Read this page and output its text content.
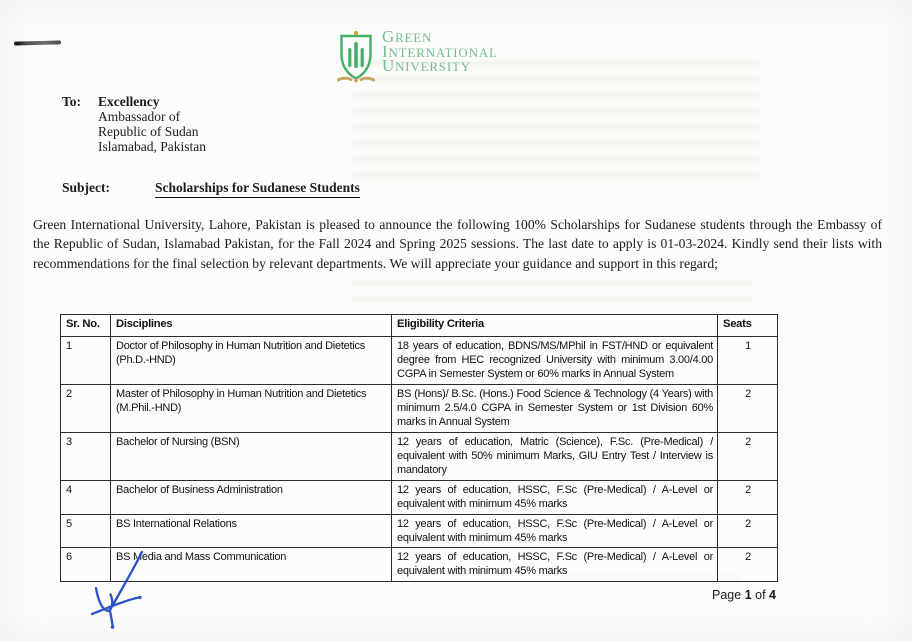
GREEN
INTERNATIONAL
UNIVERSITY
To: Excellency
Ambassador of
Republic of Sudan
Islamabad, Pakistan
Subject:	Scholarships for Sudanese Students
Green International University, Lahore, Pakistan is pleased to announce the following 100% Scholarships for Sudanese students through the Embassy of the Republic of Sudan, Islamabad Pakistan, for the Fall 2024 and Spring 2025 sessions. The last date to apply is 01-03-2024. Kindly send their lists with recommendations for the final selection by relevant departments. We will appreciate your guidance and support in this regard;
Sr. No.	Disciplines	Eligibility Criteria	Seats
1	Doctor of Philosophy in Human Nutrition and Dietetics (Ph.D.-HND)	18 years of education, BDNS/MS/MPhil in FST/HND or equivalent degree from HEC recognized University with minimum 3.00/4.00 CGPA in Semester System or 60% marks in Annual System	1
2	Master of Philosophy in Human Nutrition and Dietetics (M.Phil.-HND)	BS (Hons)/ B.Sc. (Hons.) Food Science & Technology (4 Years) with minimum 2.5/4.0 CGPA in Semester System or 1st Division 60% marks in Annual System	2
3	Bachelor of Nursing (BSN)	12 years of education, Matric (Science), F.Sc. (Pre-Medical) / equivalent with 50% minimum Marks, GIU Entry Test / Interview is mandatory	2
4	Bachelor of Business Administration	12 years of education, HSSC, F.Sc (Pre-Medical) / A-Level or equivalent with minimum 45% marks	2
5	BS International Relations	12 years of education, HSSC, F.Sc (Pre-Medical) / A-Level or equivalent with minimum 45% marks	2
6	BS Media and Mass Communication	12 years of education, HSSC, F.Sc (Pre-Medical) / A-Level or equivalent with minimum 45% marks	2
Page 1 of 4
